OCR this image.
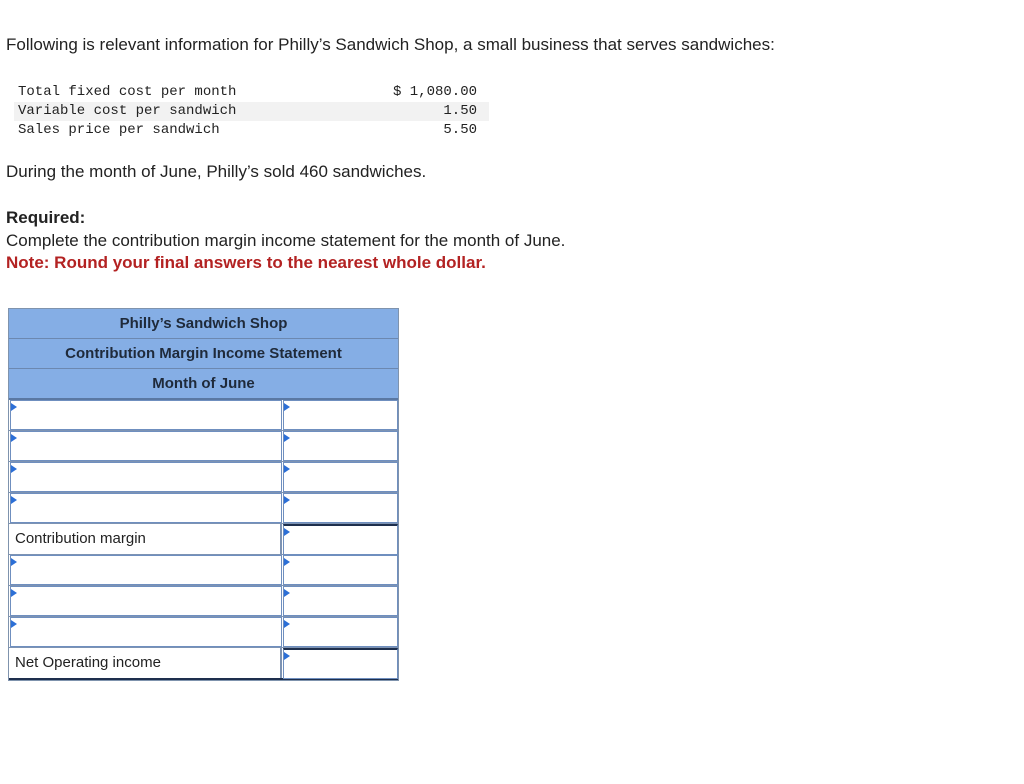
Following is relevant information for Philly’s Sandwich Shop, a small business that serves sandwiches:
Total fixed cost per month	$ 1,080.00
Variable cost per sandwich	1.50
Sales price per sandwich	5.50
During the month of June, Philly’s sold 460 sandwiches.
Required:
Complete the contribution margin income statement for the month of June.
Note: Round your final answers to the nearest whole dollar.
Philly’s Sandwich Shop
Contribution Margin Income Statement
Month of June
Contribution margin
Net Operating income
